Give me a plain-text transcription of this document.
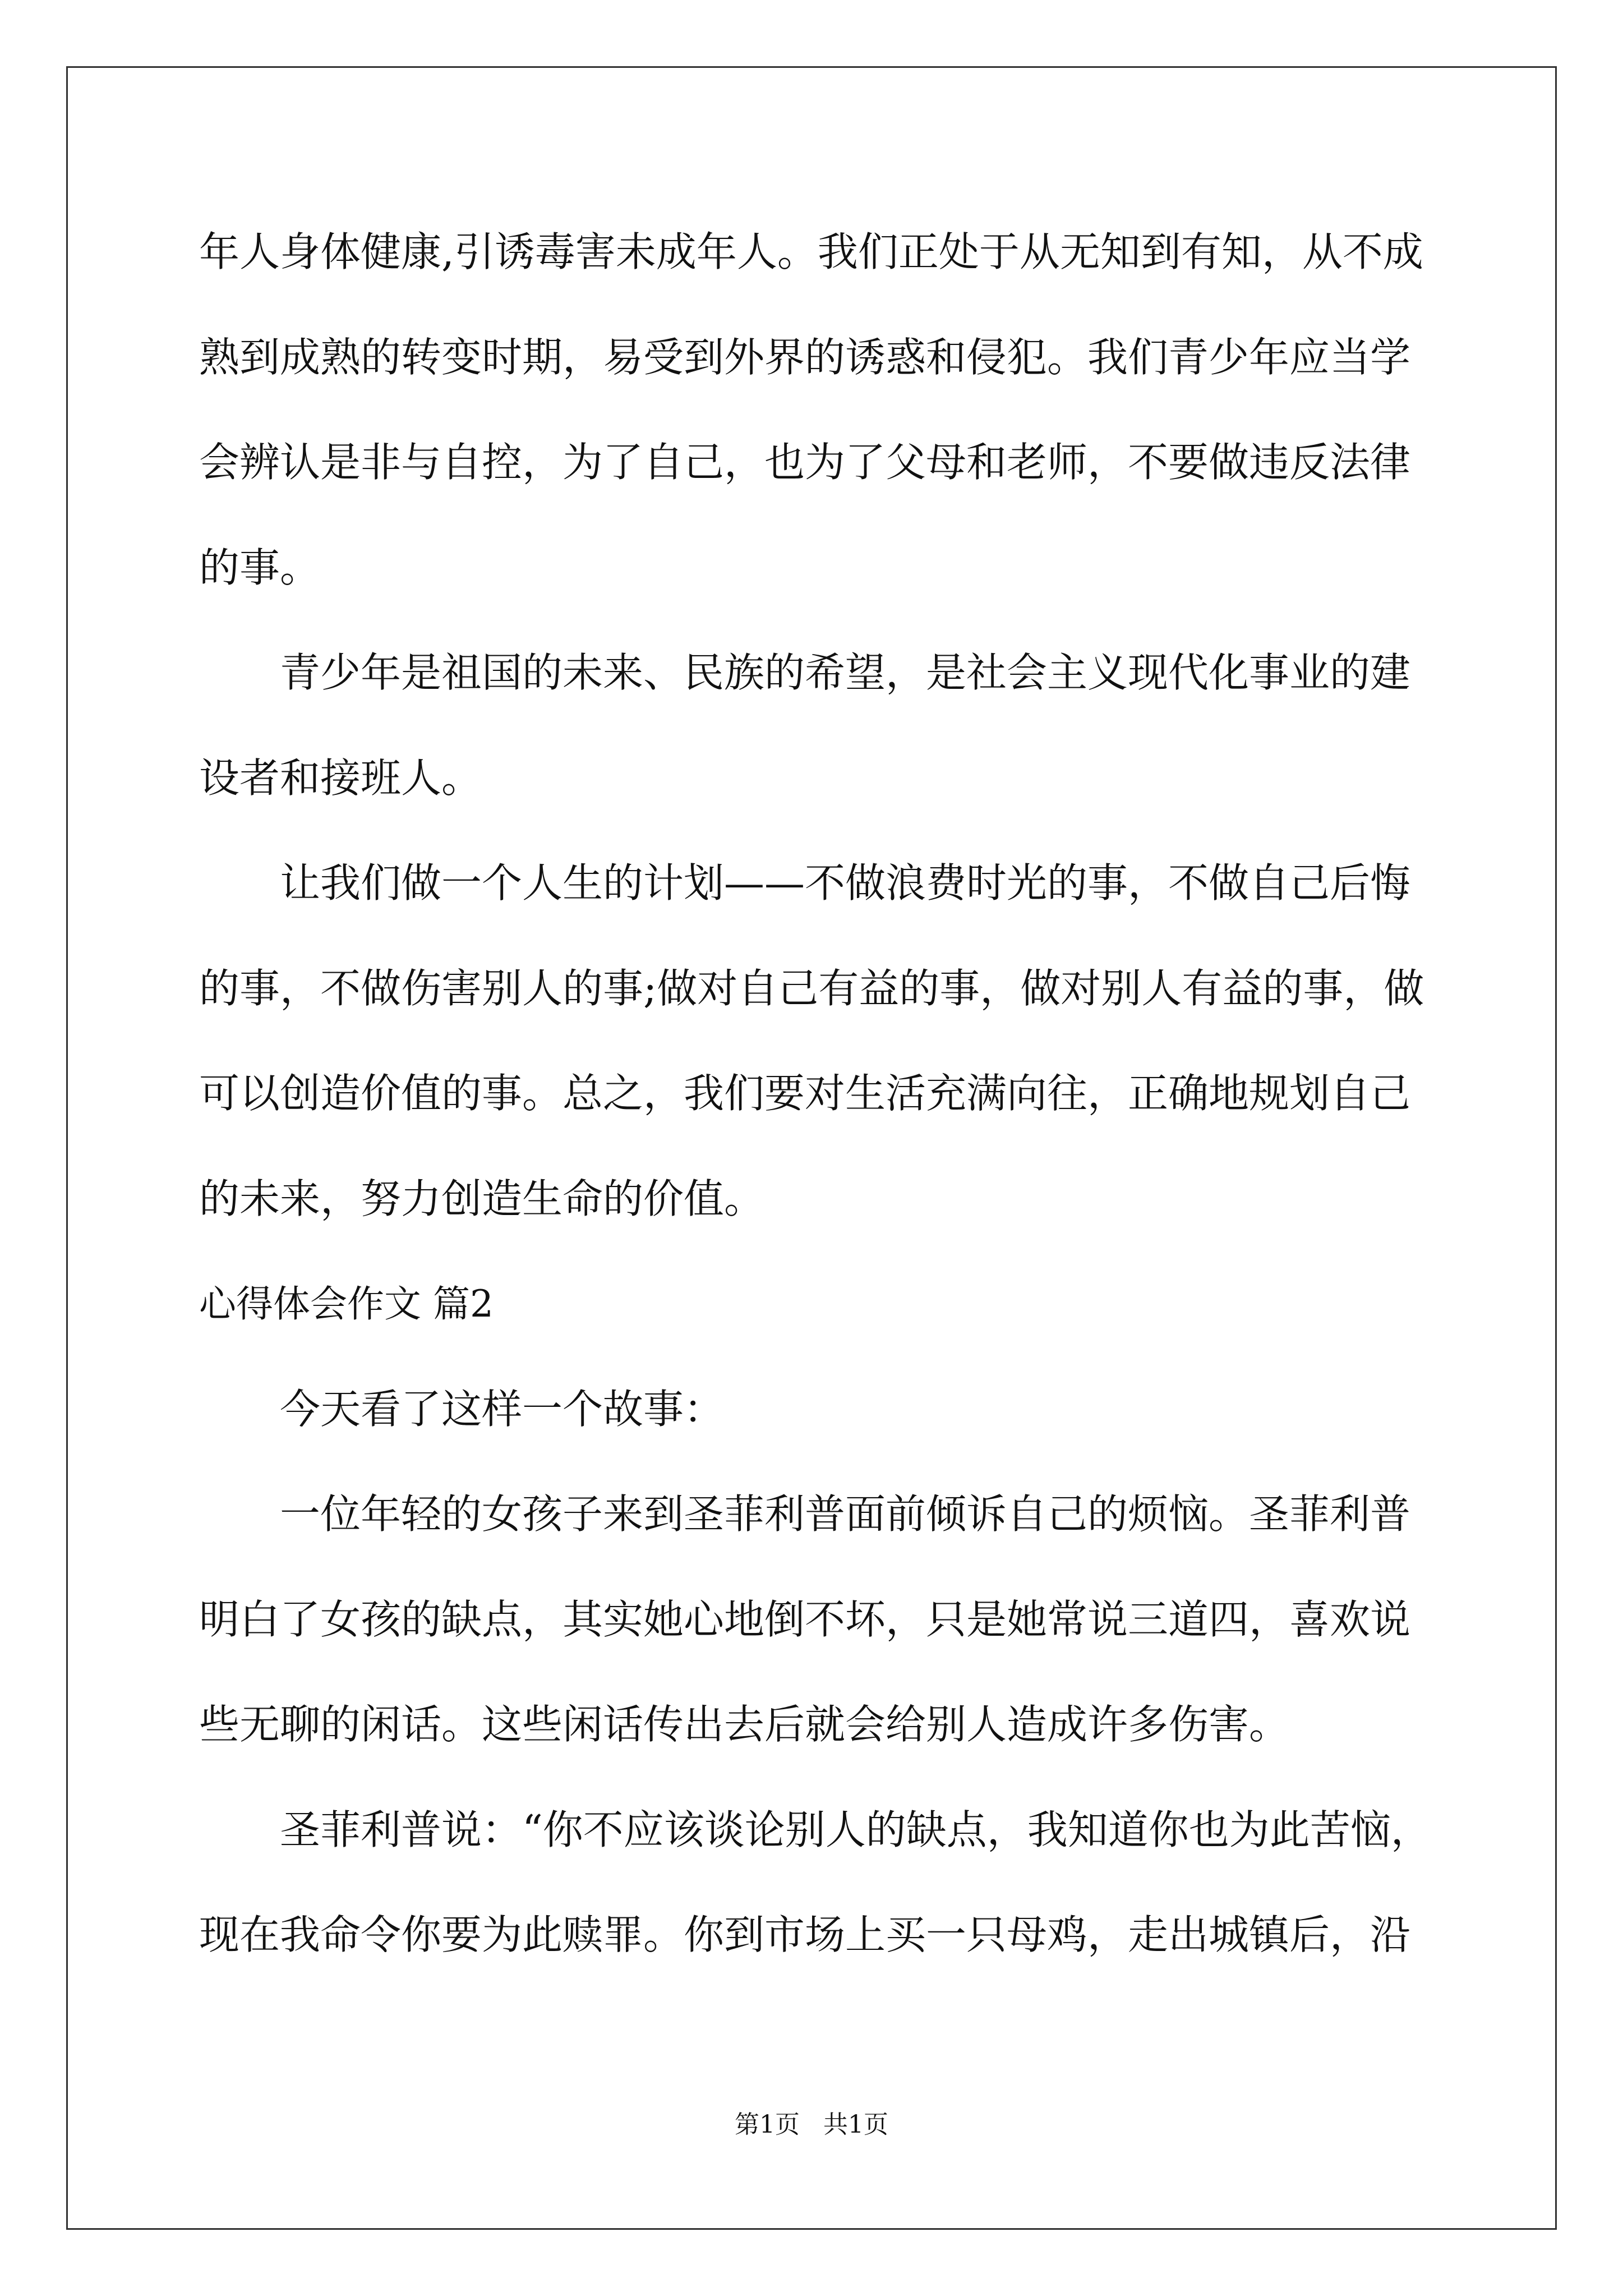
年人身体健康,引诱毒害未成年人。我们正处于从无知到有知，从不成
熟到成熟的转变时期，易受到外界的诱惑和侵犯。我们青少年应当学
会辨认是非与自控，为了自己，也为了父母和老师，不要做违反法律
的事。
　　青少年是祖国的未来、民族的希望，是社会主义现代化事业的建
设者和接班人。
　　让我们做一个人生的计划——不做浪费时光的事，不做自己后悔
的事，不做伤害别人的事;做对自己有益的事，做对别人有益的事，做
可以创造价值的事。总之，我们要对生活充满向往，正确地规划自己
的未来，努力创造生命的价值。
心得体会作文 篇2
　　今天看了这样一个故事：
　　一位年轻的女孩子来到圣菲利普面前倾诉自己的烦恼。圣菲利普
明白了女孩的缺点，其实她心地倒不坏，只是她常说三道四，喜欢说
些无聊的闲话。这些闲话传出去后就会给别人造成许多伤害。
　　圣菲利普说：“你不应该谈论别人的缺点，我知道你也为此苦恼，
现在我命令你要为此赎罪。你到市场上买一只母鸡，走出城镇后，沿
第1页   共1页
